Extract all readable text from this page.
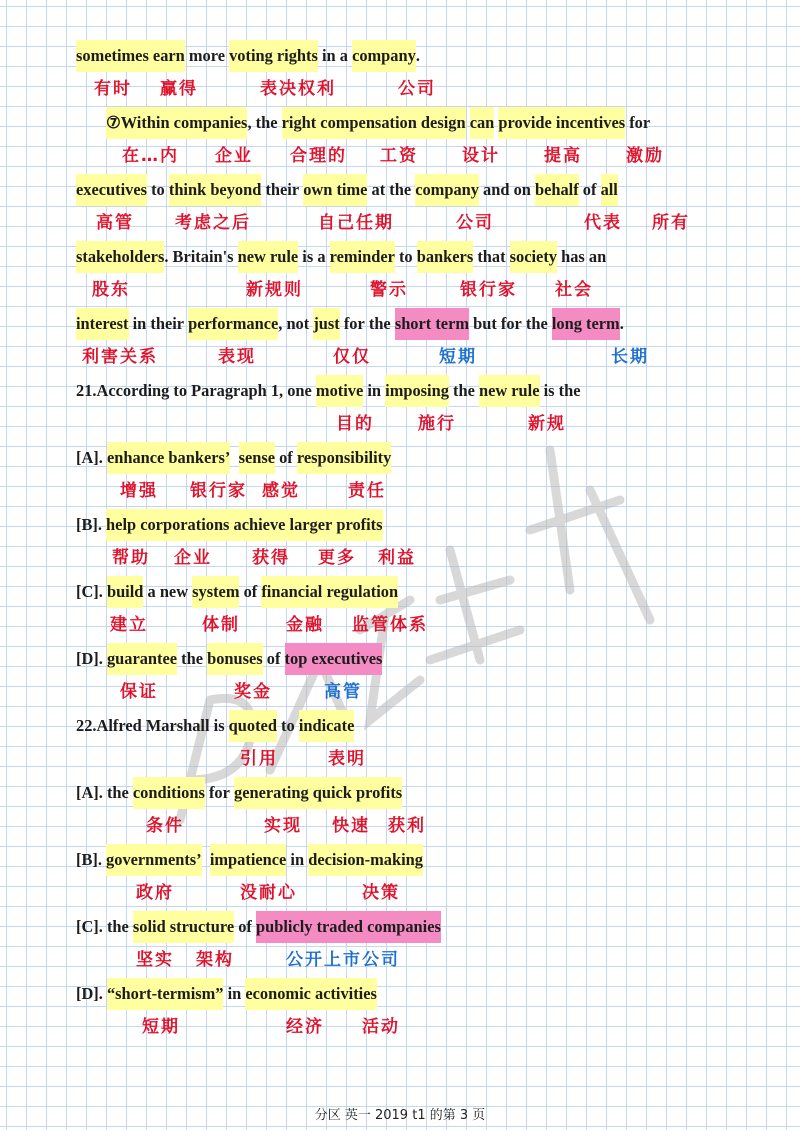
sometimes earn more voting rights in a company .
有时 赢得	表决权利	公司
⑦Within companies , the right compensation design
can
provide incentives for
在…内 企业 合理的 工资	设计	提高	激励
executives to think beyond their own time at the company and on behalf of all
高管 考虑之后	自己任期	公司	代表 所有
stakeholders . Britain's new rule is a reminder to bankers that society has an
股东	新规则	警示	银行家 社会
interest in their performance , not just for the short term but for the long term .
利害关系	表现	仅仅	短期	长期
21.According to Paragraph 1, one motive in imposing the new rule is the
目的	施行	新规
[A]. enhance bankers’
sense of responsibility
增强 银行家 感觉	责任
[B]. help corporations achieve larger profits
帮助 企业 获得 更多 利益
[C]. build a new system of financial regulation
建立	体制	金融 监管体系
[D]. guarantee the bonuses of top executives
保证	奖金	高管
22.Alfred Marshall is quoted to indicate
引用	表明
[A]. the conditions for generating quick profits
条件	实现 快速 获利
[B]. governments’
impatience in decision-making
政府	没耐心	决策
[C]. the solid structure of publicly traded companies
坚实 架构	公开上市公司
[D]. “short-termism” in economic activities
短期	经济 活动
分区 英一 2019 t1 的第 3 页
